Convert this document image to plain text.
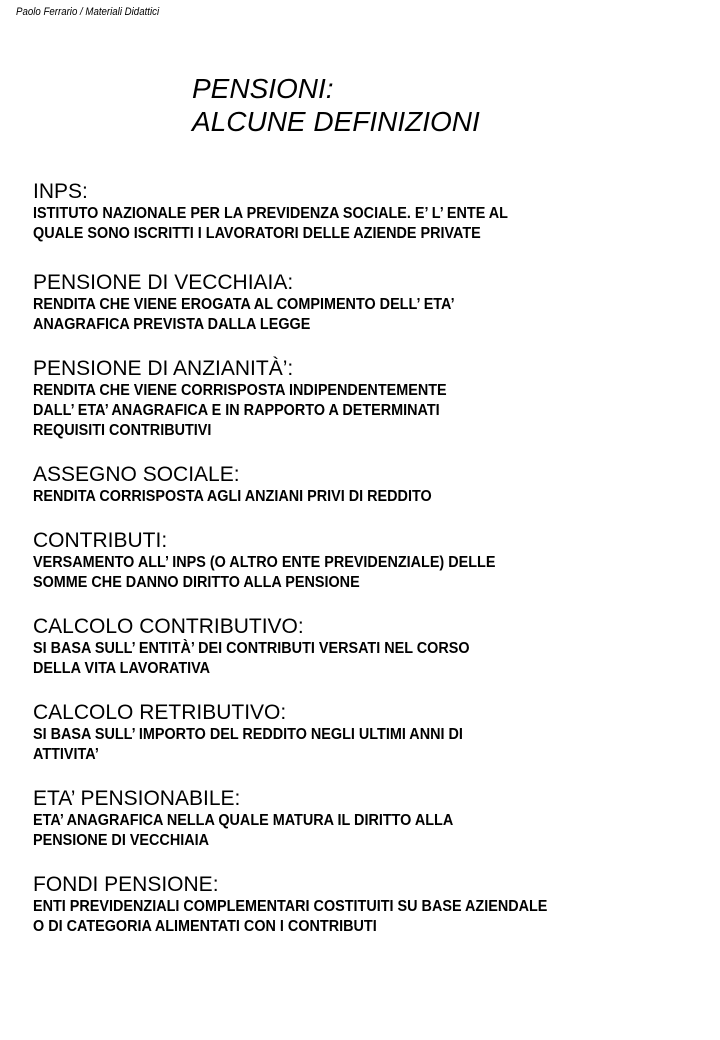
Paolo Ferrario / Materiali Didattici
PENSIONI:
ALCUNE DEFINIZIONI
INPS:
ISTITUTO NAZIONALE PER LA PREVIDENZA SOCIALE. E’ L’ ENTE AL
QUALE SONO ISCRITTI I LAVORATORI DELLE AZIENDE PRIVATE
PENSIONE DI VECCHIAIA:
RENDITA CHE VIENE EROGATA AL COMPIMENTO DELL’ ETA’
ANAGRAFICA PREVISTA DALLA LEGGE
PENSIONE DI ANZIANITÀ’:
RENDITA CHE VIENE CORRISPOSTA INDIPENDENTEMENTE
DALL’ ETA’ ANAGRAFICA E IN RAPPORTO A DETERMINATI
REQUISITI CONTRIBUTIVI
ASSEGNO SOCIALE:
RENDITA CORRISPOSTA AGLI ANZIANI PRIVI DI REDDITO
CONTRIBUTI:
VERSAMENTO ALL’ INPS (O ALTRO ENTE PREVIDENZIALE) DELLE
SOMME CHE DANNO DIRITTO ALLA PENSIONE
CALCOLO CONTRIBUTIVO:
SI BASA SULL’ ENTITÀ’ DEI CONTRIBUTI VERSATI NEL CORSO
DELLA VITA LAVORATIVA
CALCOLO RETRIBUTIVO:
SI BASA SULL’ IMPORTO DEL REDDITO NEGLI ULTIMI ANNI DI
ATTIVITA’
ETA’ PENSIONABILE:
ETA’ ANAGRAFICA NELLA QUALE MATURA IL DIRITTO ALLA
PENSIONE DI VECCHIAIA
FONDI PENSIONE:
ENTI PREVIDENZIALI COMPLEMENTARI COSTITUITI SU BASE AZIENDALE
O DI CATEGORIA ALIMENTATI CON I CONTRIBUTI
